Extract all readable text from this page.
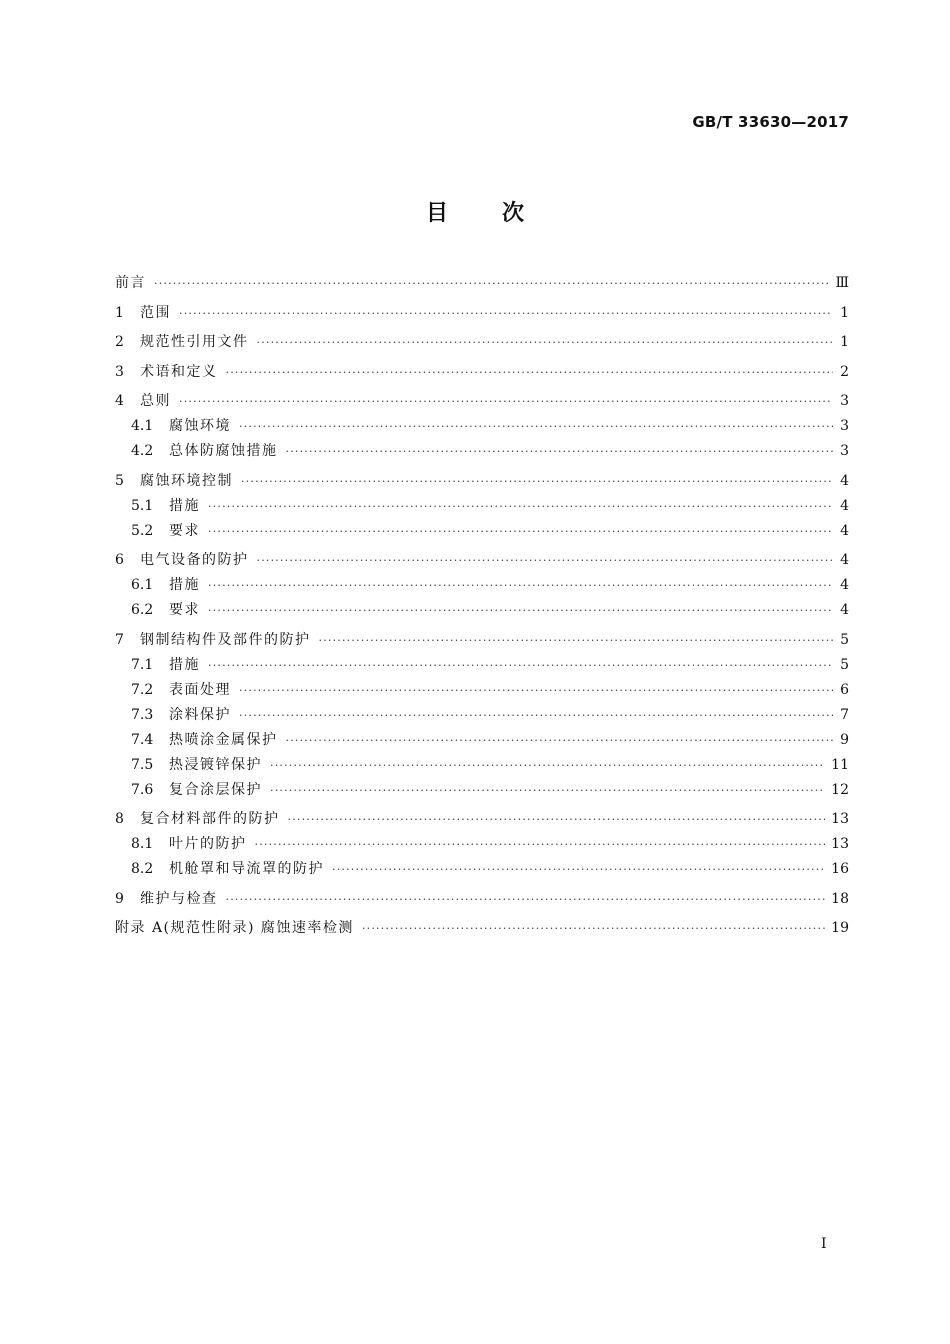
GB/T 33630—2017
目次
前言 ·····	Ⅲ
1	范围 ·····	1
2	规范性引用文件 ·····	1
3	术语和定义 ·····	2
4	总则 ·····	3
4.1	腐蚀环境 ·····	3
4.2	总体防腐蚀措施 ·····	3
5	腐蚀环境控制 ·····	4
5.1	措施 ·····	4
5.2	要求 ·····	4
6	电气设备的防护 ·····	4
6.1	措施 ·····	4
6.2	要求 ·····	4
7	钢制结构件及部件的防护 ·····	5
7.1	措施 ·····	5
7.2	表面处理 ·····	6
7.3	涂料保护 ·····	7
7.4	热喷涂金属保护 ·····	9
7.5	热浸镀锌保护 ·····	11
7.6	复合涂层保护 ·····	12
8	复合材料部件的防护 ·····	13
8.1	叶片的防护 ·····	13
8.2	机舱罩和导流罩的防护 ·····	16
9	维护与检查 ·····	18
附录 A(规范性附录) 腐蚀速率检测 ·····	19
I
